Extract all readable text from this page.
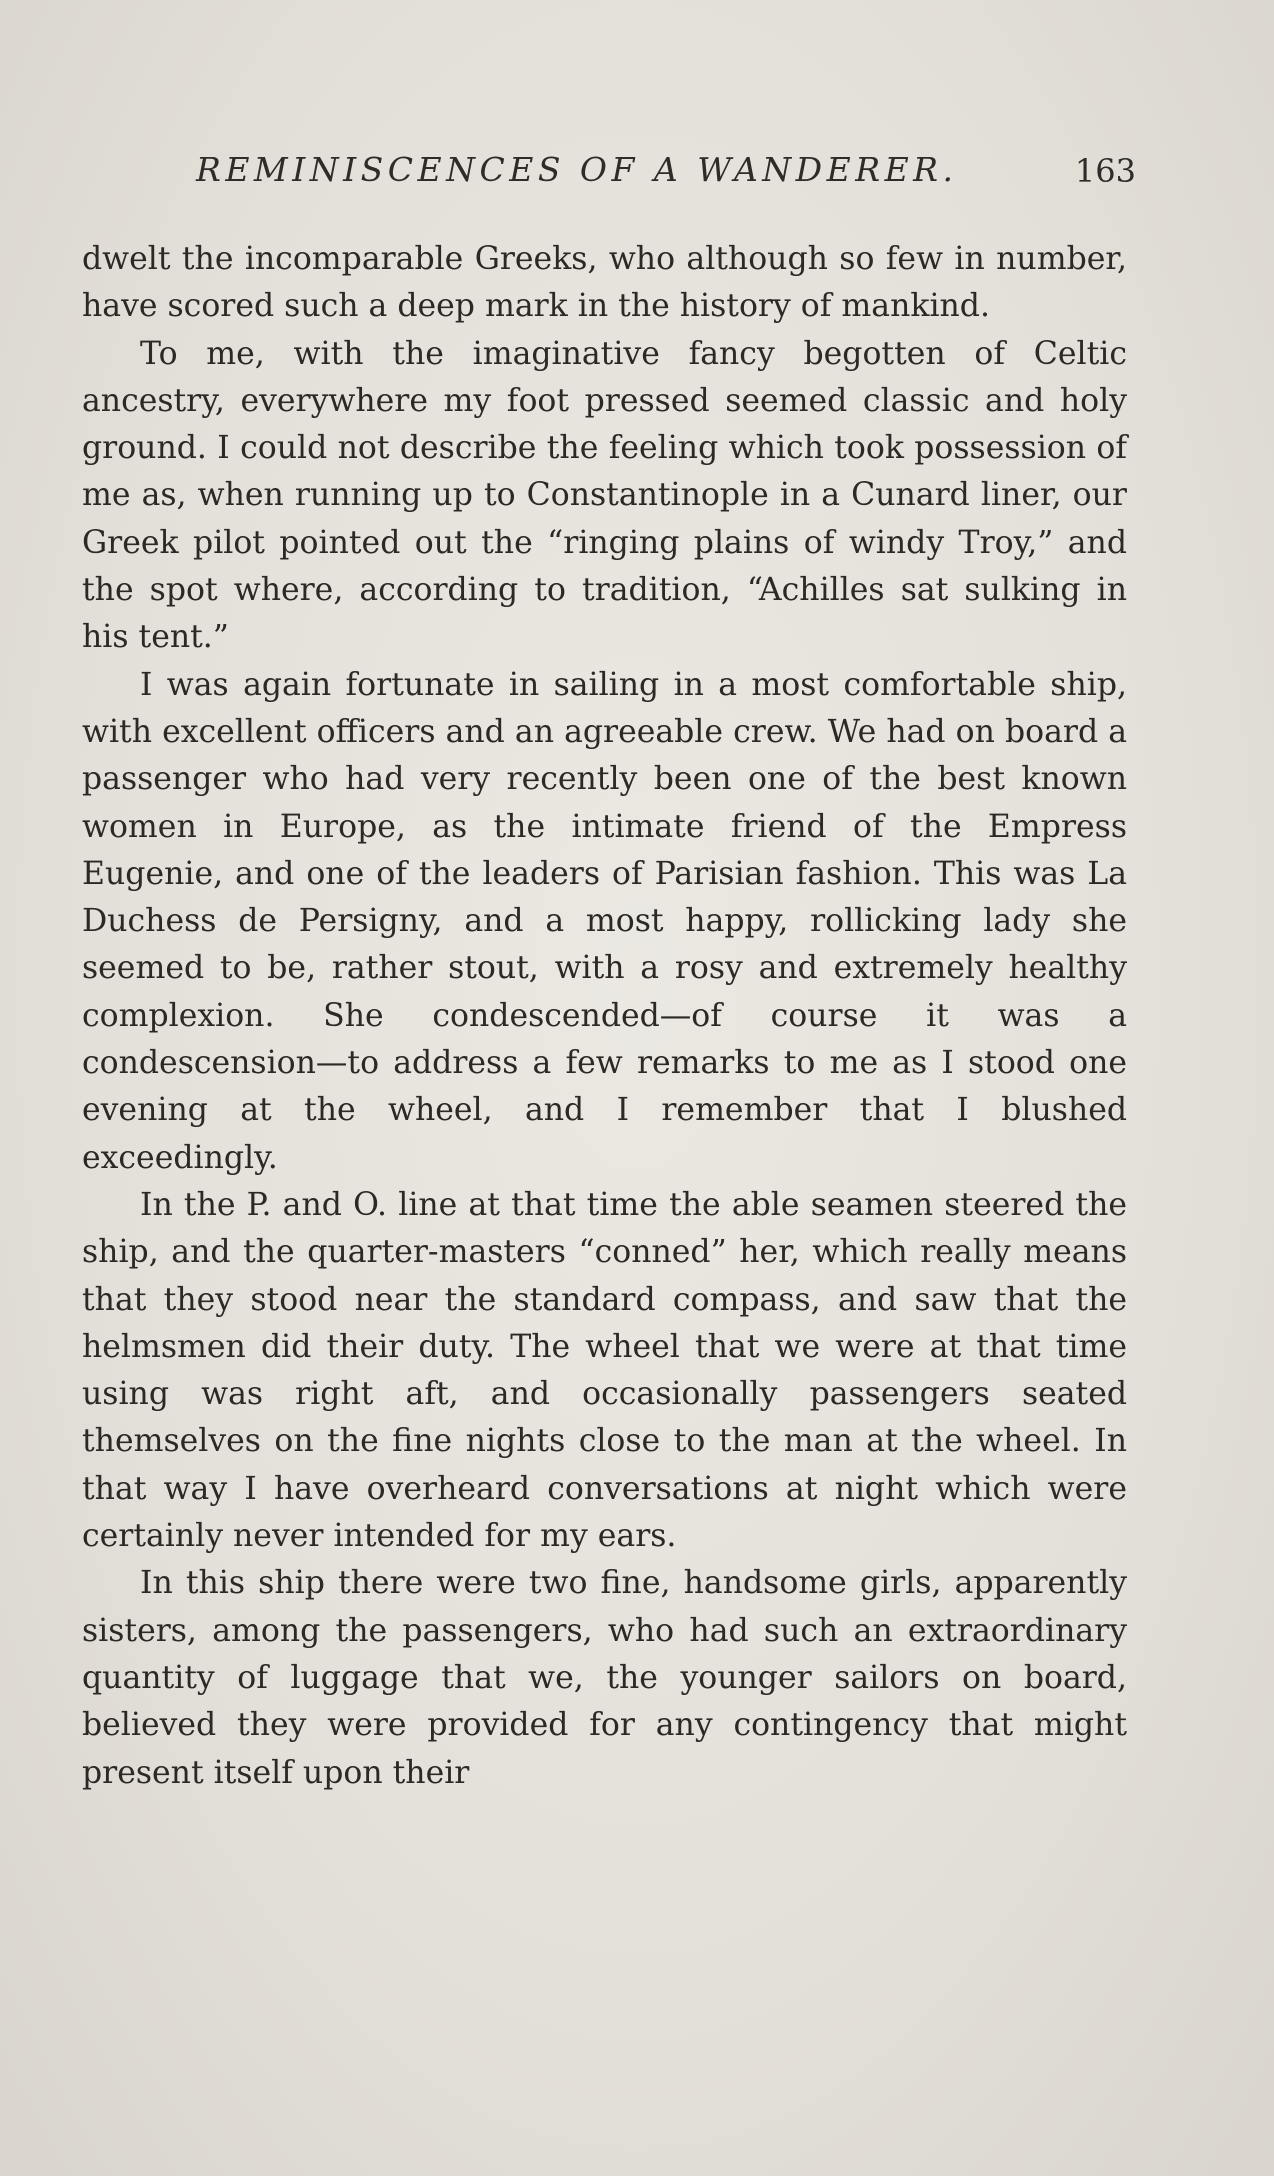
REMINISCENCES OF A WANDERER.	163

dwelt the incomparable Greeks, who although so few in number, have scored such a deep mark in the history of mankind.

To me, with the imaginative fancy begotten of Celtic ancestry, everywhere my foot pressed seemed classic and holy ground. I could not describe the feeling which took possession of me as, when running up to Constantinople in a Cunard liner, our Greek pilot pointed out the “ringing plains of windy Troy,” and the spot where, according to tradition, “Achilles sat sulking in his tent.”

I was again fortunate in sailing in a most comfortable ship, with excellent officers and an agreeable crew. We had on board a passenger who had very recently been one of the best known women in Europe, as the intimate friend of the Empress Eugenie, and one of the leaders of Parisian fashion. This was La Duchess de Persigny, and a most happy, rollicking lady she seemed to be, rather stout, with a rosy and extremely healthy complexion. She condescended—of course it was a condescension—to address a few remarks to me as I stood one evening at the wheel, and I remember that I blushed exceedingly.

In the P. and O. line at that time the able seamen steered the ship, and the quarter-masters “conned” her, which really means that they stood near the standard compass, and saw that the helmsmen did their duty. The wheel that we were at that time using was right aft, and occasionally passengers seated themselves on the fine nights close to the man at the wheel. In that way I have overheard conversations at night which were certainly never intended for my ears.

In this ship there were two fine, handsome girls, apparently sisters, among the passengers, who had such an extraordinary quantity of luggage that we, the younger sailors on board, believed they were provided for any contingency that might present itself upon their
